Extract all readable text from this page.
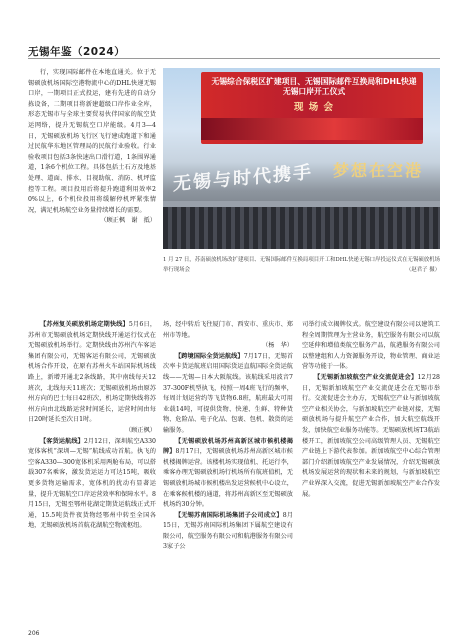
无锡年鉴（2024）

行，实现国际邮件在本地直通关。位于无锡硕放机场国际空港物流中心的DHL快递无锡口岸，一期项目正式投运，建有先进的自动分拣设备，二期项目将新建超级口岸作业全库，形态无锡市与全球主要贸易伙伴国家的航空货运网络，提升无锡航空口岸能级。4月3—4日，无锡硕放机场飞行区飞行建成跑道下和通过民航华东地区管理局的民航行业验收。行业验收项目包括3条快速出口滑行道，1条围界通道，1条6个机位工程。具体包括土石方及地基处理、道面、排水、目视助航、消防、机坪监控等工程。项目投用后将提升跑道利用效率20%以上，6个机位投用将缓解停机坪紧张情况，满足机场航空业务量持续增长的需要。

（顾正枫　谢　抵）

无锡综合保税区扩建项目、无锡国际邮件互换局和DHL快递无锡口岸开工仪式
现 场 会
无锡与时代携手 梦想在空港
1 月 27 日，苏南硕放机场改扩建项目、无锡国际邮件互换局项目开工和DHL快递无锡口岸投运仪式在无锡硕放机场举行现场会	（赵君子 摄）

【苏州复关硕放机场定期快线】5月6日，苏州市无锡硕放机场定期快线开通运行仪式在无锡硕放机场举行。定期快线由苏州汽车客运集团有限公司，无锡客运有限公司，无锡硕放机场合作开设，在原有苏州火车站国际机场线路上，新增开通北2条线路，其中南线每天12班次，北线每天11班次；无锡硕放机场由原苏州方向的巴士每日42班次，机场定期快线将苏州方向由北线路运营时间延长，运营时间由每日20时延长至次日1时。

（顾正枫）

【客货运航线】2月12日，深圳航空A330宽体客机“深圳—无锡”航线成功首航。执飞的空客A330—300宽体机采用两舱布局，可以搭载307名乘客，激发货运运力可达15吨，吸收更多货物运输需求，宽体机的扰动有显著运量，提升无锡航空口岸运营效率和保障水平。8月15日，无锡至鄂州花湖定期货运航线正式开通，15.5吨货件夜货物经鄂州中转至全国各地，无锡硕放机场首航花湖航空物流枢纽。

场，经中转后飞往厦门市、西安市、重庆市、郑州市等地。

（杨　华）

【跨境国际全货运航线】7月17日，无锡首次率卡货运航班启用国际货运直航国际全货运航线——无锡—日本大阪航线。该航线采用波音737-300F机型执飞，按照一周4班飞行的频率，每周计划运营约等飞货物6.8班，航班最大可用业载14吨，可提供货物、快递、生鲜、特种货物、危险品、电子化品、包裹、包机、散货的运输服务。

【无锡硕放机场苏州高新区城市候机楼揭牌】8月17日，无锡硕放机场苏州高新区城市候机楼揭牌运营。该楼机场实现值机、托运行李，乘客办理无锡硕放机场行机场所有航班值机，无锡硕放机场城市候机楼出发运营候机中心设立，在乘客候机楼的通道，将苏州高新区至无锡硕放机场约30分钟。

【无锡苏南国际机场集团子公司成立】8月15日，无锡苏南国际机场集团下属航空建设有限公司，航空服务有限公司和航港服务有限公司3家子公

司举行成立揭牌仪式。航空建设有限公司以建筑工程全周期管理为主营业务，航空服务有限公司以航空延伸和增值类航空服务产品，航港服务有限公司以整建组和人力资源服务开设，物业管理、商业运营等功能于一体。

【无锡新加坡航空产业交流促进会】12月28日，无锡新加坡航空产业交流促进会在无锡市举行。交流促进会主办方，无锡航空产业与新加坡航空产业相关协会，与新加坡航空产业链对接，无锡硕放机场与提升航空产业合作，加大航空航线开发，加快航空业服务功能等。无锡硕放机场T3航站楼开工，新加坡航空公司高级管理人员、无锡航空产业链上下游代表参加。新加坡航空中心综合管理部门介绍新加坡航空产业发展情况，介绍无锡硕放机场发展运营的现状和未来的规划，与新加坡航空产业界深入交流，促进无锡新加坡航空产业合作发展。

206
